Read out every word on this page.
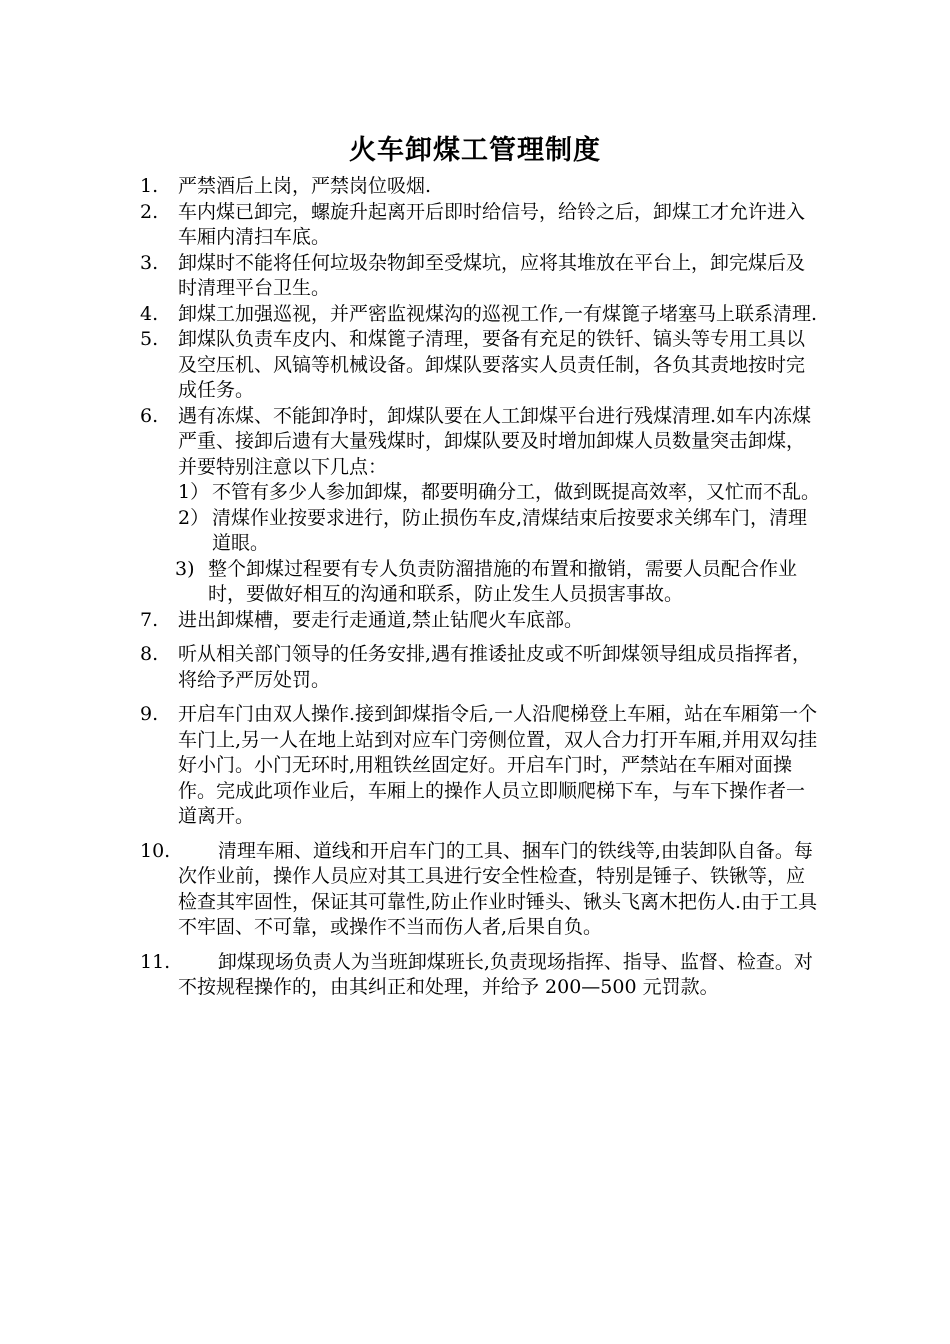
火车卸煤工管理制度
1. 严禁酒后上岗，严禁岗位吸烟.
2. 车内煤已卸完，螺旋升起离开后即时给信号，给铃之后，卸煤工才允许进入车厢内清扫车底。
3. 卸煤时不能将任何垃圾杂物卸至受煤坑，应将其堆放在平台上，卸完煤后及时清理平台卫生。
4. 卸煤工加强巡视，并严密监视煤沟的巡视工作,一有煤篦子堵塞马上联系清理.
5. 卸煤队负责车皮内、和煤篦子清理，要备有充足的铁钎、镐头等专用工具以及空压机、风镐等机械设备。卸煤队要落实人员责任制，各负其责地按时完成任务。
6. 遇有冻煤、不能卸净时，卸煤队要在人工卸煤平台进行残煤清理.如车内冻煤严重、接卸后遗有大量残煤时，卸煤队要及时增加卸煤人员数量突击卸煤，并要特别注意以下几点：
1） 不管有多少人参加卸煤，都要明确分工，做到既提高效率，又忙而不乱。
2） 清煤作业按要求进行，防止损伤车皮,清煤结束后按要求关绑车门，清理道眼。
3) 整个卸煤过程要有专人负责防溜措施的布置和撤销，需要人员配合作业时，要做好相互的沟通和联系，防止发生人员损害事故。
7. 进出卸煤槽，要走行走通道,禁止钻爬火车底部。
8. 听从相关部门领导的任务安排,遇有推诿扯皮或不听卸煤领导组成员指挥者，将给予严厉处罚。
9. 开启车门由双人操作.接到卸煤指令后,一人沿爬梯登上车厢，站在车厢第一个车门上,另一人在地上站到对应车门旁侧位置，双人合力打开车厢,并用双勾挂好小门。小门无环时,用粗铁丝固定好。开启车门时，严禁站在车厢对面操作。完成此项作业后，车厢上的操作人员立即顺爬梯下车，与车下操作者一道离开。
10.	清理车厢、道线和开启车门的工具、捆车门的铁线等,由装卸队自备。每次作业前，操作人员应对其工具进行安全性检查，特别是锤子、铁锹等，应检查其牢固性，保证其可靠性,防止作业时锤头、锹头飞离木把伤人.由于工具不牢固、不可靠，或操作不当而伤人者,后果自负。
11.	卸煤现场负责人为当班卸煤班长,负责现场指挥、指导、监督、检查。对不按规程操作的，由其纠正和处理，并给予 200—500 元罚款。
